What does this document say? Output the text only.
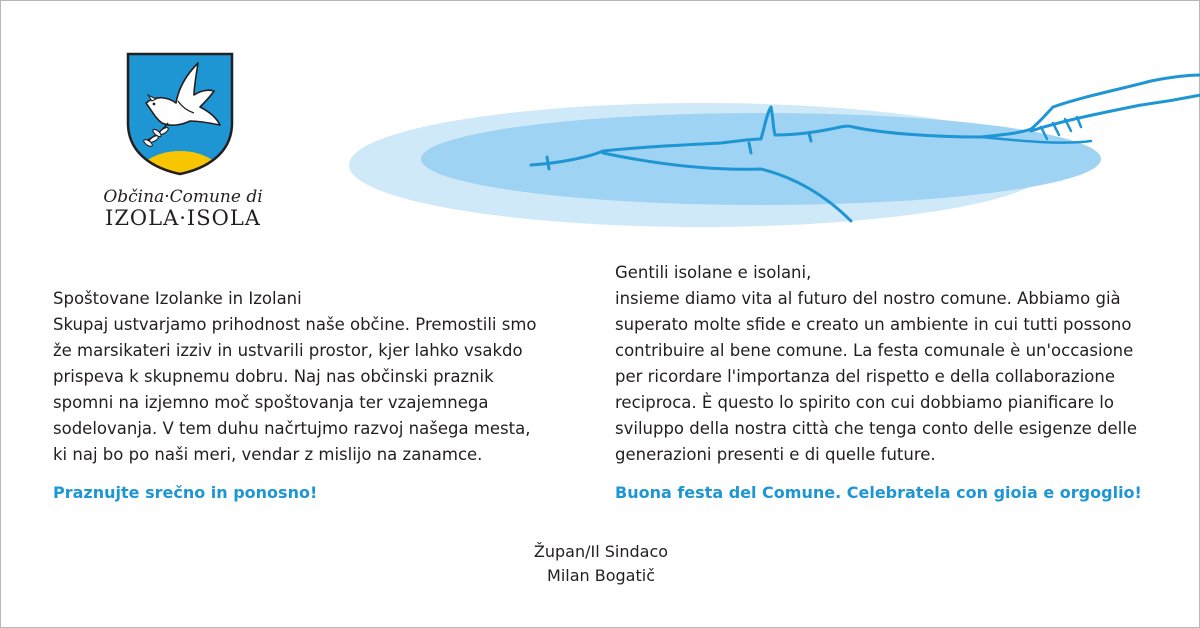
Občina·Comune di
IZOLA·ISOLA

Spoštovane Izolanke in Izolani

Skupaj ustvarjamo prihodnost naše občine. Premostili smo

že marsikateri izziv in ustvarili prostor, kjer lahko vsakdo

prispeva k skupnemu dobru. Naj nas občinski praznik

spomni na izjemno moč spoštovanja ter vzajemnega

sodelovanja. V tem duhu načrtujmo razvoj našega mesta,

ki naj bo po naši meri, vendar z mislijo na zanamce.

Praznujte srečno in ponosno!

Gentili isolane e isolani,

insieme diamo vita al futuro del nostro comune. Abbiamo già

superato molte sfide e creato un ambiente in cui tutti possono

contribuire al bene comune. La festa comunale è un'occasione

per ricordare l'importanza del rispetto e della collaborazione

reciproca. È questo lo spirito con cui dobbiamo pianificare lo

sviluppo della nostra città che tenga conto delle esigenze delle

generazioni presenti e di quelle future.

Buona festa del Comune. Celebratela con gioia e orgoglio!
Župan/Il Sindaco
Milan Bogatič
